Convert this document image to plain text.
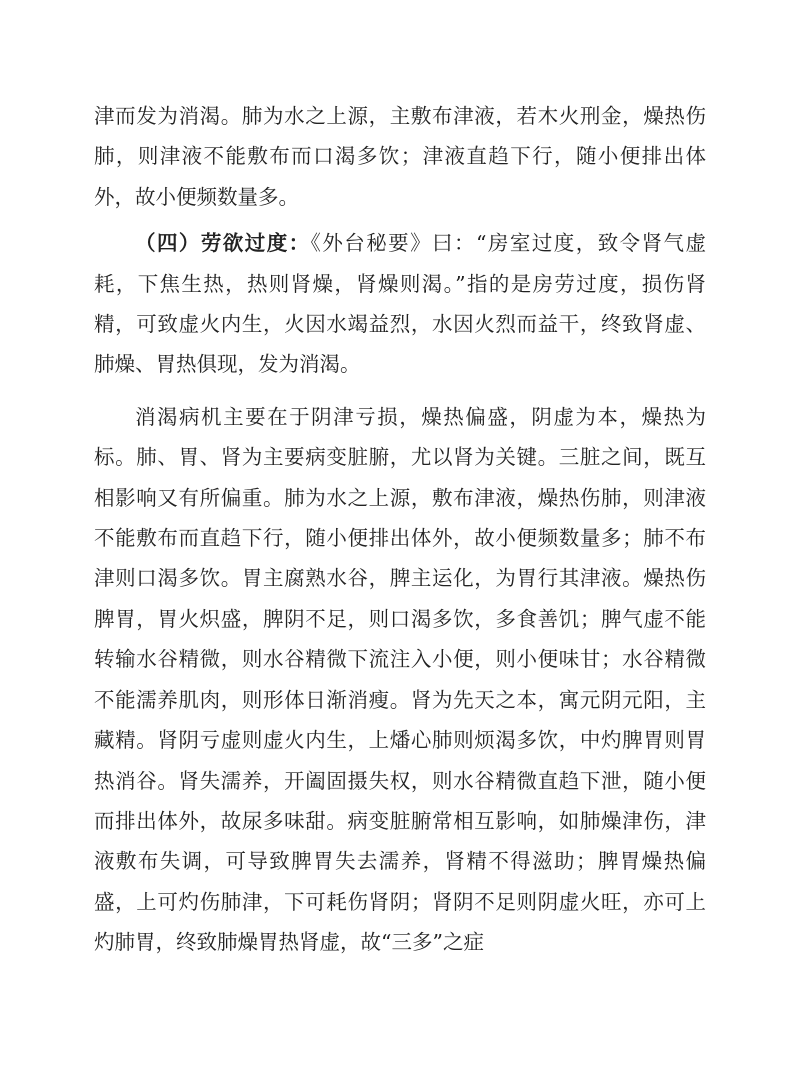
津而发为消渴。肺为水之上源，主敷布津液，若木火刑金，燥热伤肺，则津液不能敷布而口渴多饮；津液直趋下行，随小便排出体外，故小便频数量多。

（四）劳欲过度：《外台秘要》曰：“房室过度，致令肾气虚耗，下焦生热，热则肾燥，肾燥则渴。”指的是房劳过度，损伤肾精，可致虚火内生，火因水竭益烈，水因火烈而益干，终致肾虚、肺燥、胃热俱现，发为消渴。

消渴病机主要在于阴津亏损，燥热偏盛，阴虚为本，燥热为标。肺、胃、肾为主要病变脏腑，尤以肾为关键。三脏之间，既互相影响又有所偏重。肺为水之上源，敷布津液，燥热伤肺，则津液不能敷布而直趋下行，随小便排出体外，故小便频数量多；肺不布津则口渴多饮。胃主腐熟水谷，脾主运化，为胃行其津液。燥热伤脾胃，胃火炽盛，脾阴不足，则口渴多饮，多食善饥；脾气虚不能转输水谷精微，则水谷精微下流注入小便，则小便味甘；水谷精微不能濡养肌肉，则形体日渐消瘦。肾为先天之本，寓元阴元阳，主藏精。肾阴亏虚则虚火内生，上燔心肺则烦渴多饮，中灼脾胃则胃热消谷。肾失濡养，开阖固摄失权，则水谷精微直趋下泄，随小便而排出体外，故尿多味甜。病变脏腑常相互影响，如肺燥津伤，津液敷布失调，可导致脾胃失去濡养，肾精不得滋助；脾胃燥热偏盛，上可灼伤肺津，下可耗伤肾阴；肾阴不足则阴虚火旺，亦可上灼肺胃，终致肺燥胃热肾虚，故“三多”之症
